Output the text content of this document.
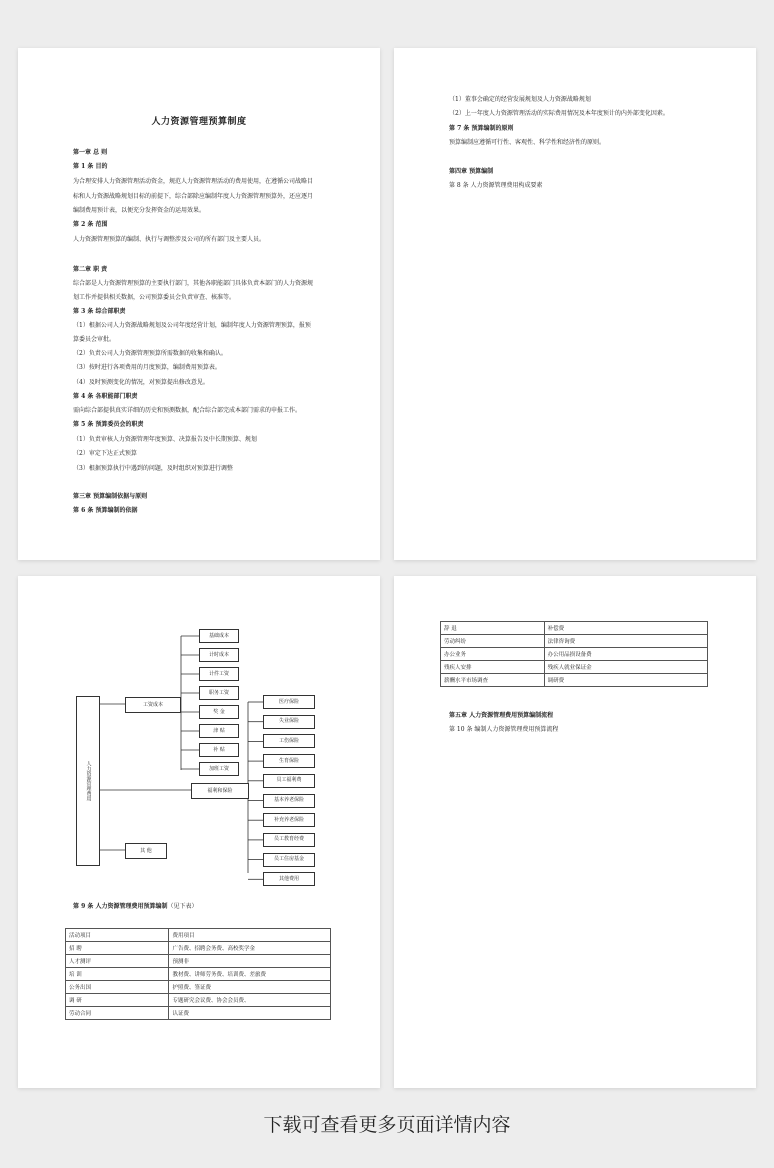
人力资源管理预算制度
第一章 总 则
第 1 条 目的
为合理安排人力资源管理活动资金，规范人力资源管理活动的费用使用，在遵循公司战略目
标和人力资源战略规划目标的前提下，综合部除应编制年度人力资源管理预算外，还应逐月
编制费用预计表，以便充分发挥资金的运用效果。
第 2 条 范围
人力资源管理预算的编制、执行与调整涉及公司的所有部门及主要人员。
第二章 职 责
综合部是人力资源管理预算的主要执行部门，其他各职能部门具体负责本部门的人力资源规
划工作并提供相关数据，公司预算委员会负责审查、核准等。
第 3 条 综合部职责
（1）根据公司人力资源战略规划及公司年度经营计划，编制年度人力资源管理预算，报预
算委员会审批。
（2）负责公司人力资源管理预算所需数据的收集和确认。
（3）按时进行各项费用的月度预算，编制费用预算表。
（4）及时预测变化的情况，对预算提出修改意见。
第 4 条 各职能部门职责
需向综合部提供真实详细的历史和预测数据，配合综合部完成本部门需求的申报工作。
第 5 条 预算委员会的职责
（1）负责审核人力资源管理年度预算、决算报告及中长期预算、规划
（2）审定下达正式预算
（3）根据预算执行中遇到的问题，及时组织对预算进行调整
第三章 预算编制依据与原则
第 6 条 预算编制的依据
（1）董事会确定的经营发展规划及人力资源战略规划
（2）上一年度人力资源管理活动的实际费用情况及本年度预计的内外部变化因素。
第 7 条 预算编制的原则
预算编制应遵循可行性、客观性、科学性和经济性的原则。
第四章 预算编制
第 8 条 人力资源管理费用构成要素
人力资源管理费用
工资成本
福利和保险
其 他
基础成本
计时成本
计件工资
职务工资
奖 金
津 贴
补 贴
加班工资
医疗保险
失业保险
工伤保险
生育保险
员工福利费
基本养老保险
补充养老保险
员工教育经费
员工住房基金
其他费用
第 9 条 人力资源管理费用预算编制（见下表）
活动项目	费用项目
招 聘	广告费、招聘会务费、高校奖学金
人才测评	预测非
培 训	教材费、讲师劳务费、培训费、差旅费
公务出国	护照费、签证费
调 研	专题研究会议费、协会会员费、
劳动合同	认证费
辞 退	补偿费
劳动纠纷	法律咨询费
办公业务	办公用品损设备费
残疾人安排	残疾人就业保证金
薪酬水平市场调查	调研费
第五章 人力资源管理费用预算编制流程
第 10 条 编制人力资源管理费用预算流程
下载可查看更多页面详情内容
